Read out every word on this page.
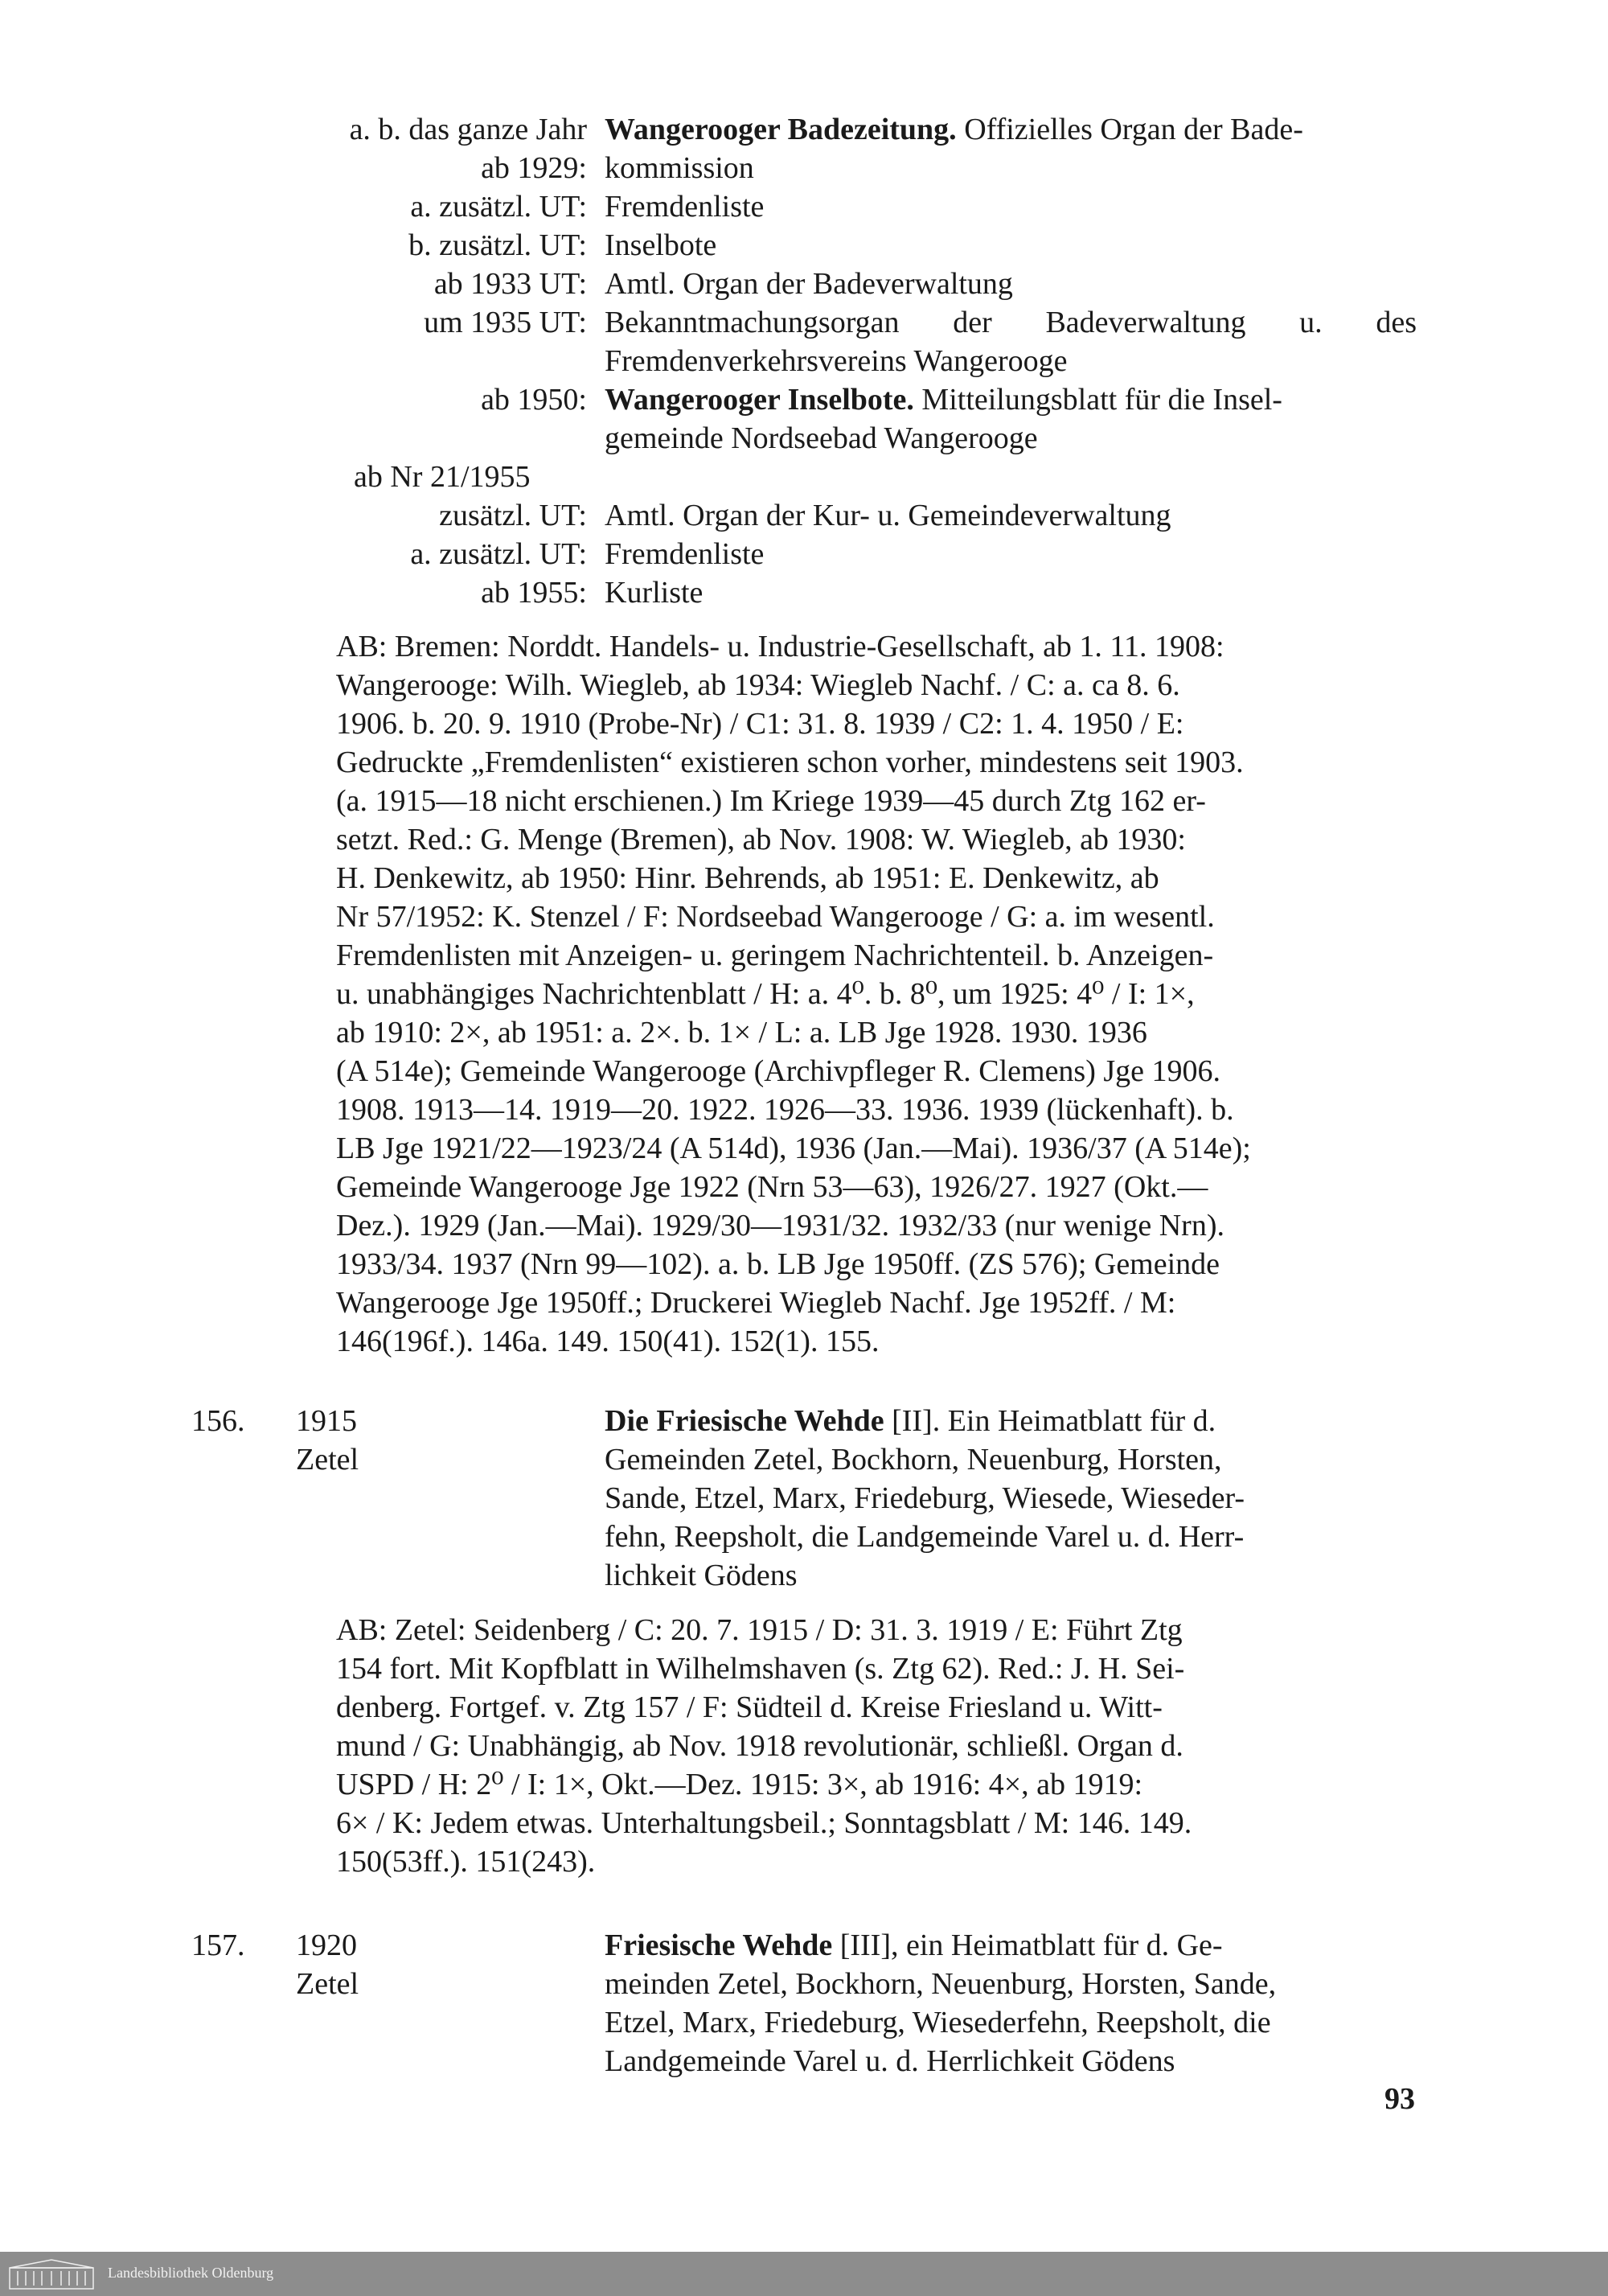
a. b. das ganze Jahr Wangerooger Badezeitung. Offizielles Organ der Bade-
ab 1929: kommission
a. zusätzl. UT: Fremdenliste
b. zusätzl. UT: Inselbote
ab 1933 UT: Amtl. Organ der Badeverwaltung
um 1935 UT: Bekanntmachungsorgan der Badeverwaltung u. des
Fremdenverkehrsvereins Wangerooge
ab 1950: Wangerooger Inselbote. Mitteilungsblatt für die Insel-
gemeinde Nordseebad Wangerooge
ab Nr 21/1955
zusätzl. UT: Amtl. Organ der Kur- u. Gemeindeverwaltung
a. zusätzl. UT: Fremdenliste
ab 1955: Kurliste
AB: Bremen: Norddt. Handels- u. Industrie-Gesellschaft, ab 1. 11. 1908:
Wangerooge: Wilh. Wiegleb, ab 1934: Wiegleb Nachf. / C: a. ca 8. 6.
1906. b. 20. 9. 1910 (Probe-Nr) / C1: 31. 8. 1939 / C2: 1. 4. 1950 / E:
Gedruckte „Fremdenlisten“ existieren schon vorher, mindestens seit 1903.
(a. 1915—18 nicht erschienen.) Im Kriege 1939—45 durch Ztg 162 er-
setzt. Red.: G. Menge (Bremen), ab Nov. 1908: W. Wiegleb, ab 1930:
H. Denkewitz, ab 1950: Hinr. Behrends, ab 1951: E. Denkewitz, ab
Nr 57/1952: K. Stenzel / F: Nordseebad Wangerooge / G: a. im wesentl.
Fremdenlisten mit Anzeigen- u. geringem Nachrichtenteil. b. Anzeigen-
u. unabhängiges Nachrichtenblatt / H: a. 4⁰. b. 8⁰, um 1925: 4⁰ / I: 1×,
ab 1910: 2×, ab 1951: a. 2×. b. 1× / L: a. LB Jge 1928. 1930. 1936
(A 514e); Gemeinde Wangerooge (Archivpfleger R. Clemens) Jge 1906.
1908. 1913—14. 1919—20. 1922. 1926—33. 1936. 1939 (lückenhaft). b.
LB Jge 1921/22—1923/24 (A 514d), 1936 (Jan.—Mai). 1936/37 (A 514e);
Gemeinde Wangerooge Jge 1922 (Nrn 53—63), 1926/27. 1927 (Okt.—
Dez.). 1929 (Jan.—Mai). 1929/30—1931/32. 1932/33 (nur wenige Nrn).
1933/34. 1937 (Nrn 99—102). a. b. LB Jge 1950ff. (ZS 576); Gemeinde
Wangerooge Jge 1950ff.; Druckerei Wiegleb Nachf. Jge 1952ff. / M:
146(196f.). 146a. 149. 150(41). 152(1). 155.
156. 1915
Zetel
Die Friesische Wehde [II]. Ein Heimatblatt für d.
Gemeinden Zetel, Bockhorn, Neuenburg, Horsten,
Sande, Etzel, Marx, Friedeburg, Wiesede, Wieseder-
fehn, Reepsholt, die Landgemeinde Varel u. d. Herr-
lichkeit Gödens
AB: Zetel: Seidenberg / C: 20. 7. 1915 / D: 31. 3. 1919 / E: Führt Ztg
154 fort. Mit Kopfblatt in Wilhelmshaven (s. Ztg 62). Red.: J. H. Sei-
denberg. Fortgef. v. Ztg 157 / F: Südteil d. Kreise Friesland u. Witt-
mund / G: Unabhängig, ab Nov. 1918 revolutionär, schließl. Organ d.
USPD / H: 2⁰ / I: 1×, Okt.—Dez. 1915: 3×, ab 1916: 4×, ab 1919:
6× / K: Jedem etwas. Unterhaltungsbeil.; Sonntagsblatt / M: 146. 149.
150(53ff.). 151(243).
157. 1920
Zetel
Friesische Wehde [III], ein Heimatblatt für d. Ge-
meinden Zetel, Bockhorn, Neuenburg, Horsten, Sande,
Etzel, Marx, Friedeburg, Wiesederfehn, Reepsholt, die
Landgemeinde Varel u. d. Herrlichkeit Gödens
93
Landesbibliothek Oldenburg
